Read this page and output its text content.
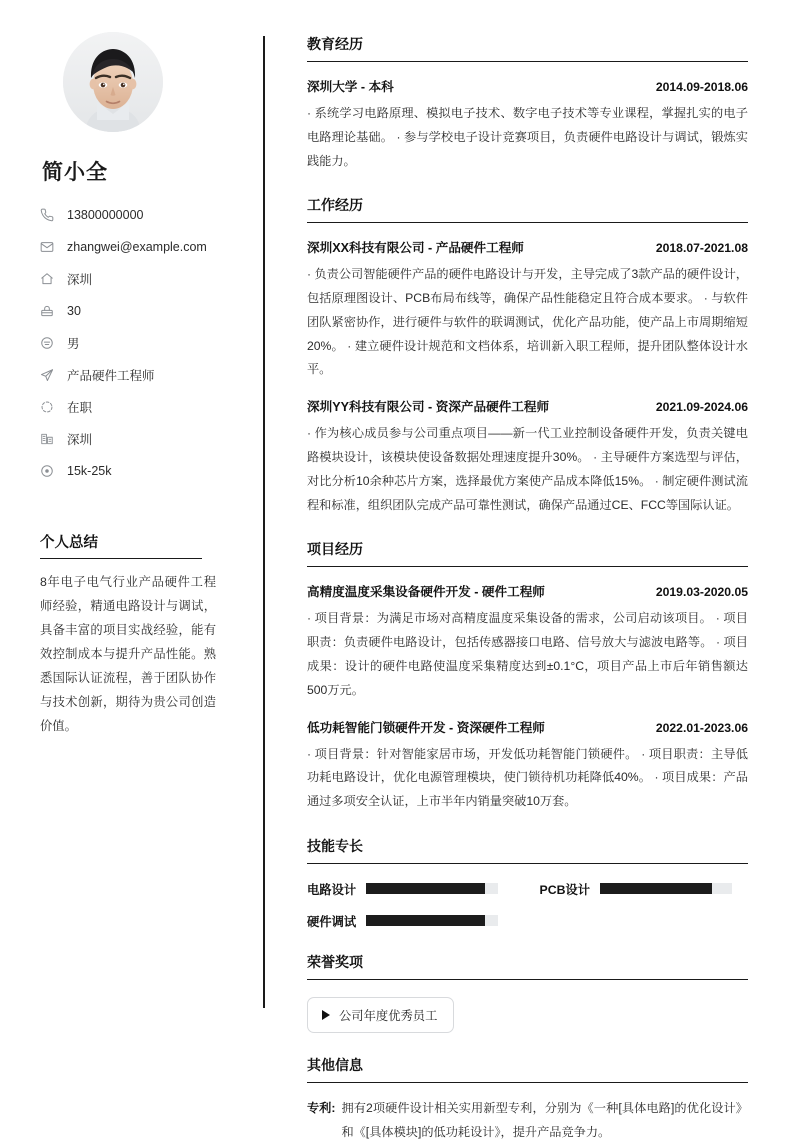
简小全
13800000000
zhangwei@example.com
深圳
30
男
产品硬件工程师
在职
深圳
15k-25k
个人总结

8年电子电气行业产品硬件工程师经验，精通电路设计与调试，具备丰富的项目实战经验，能有效控制成本与提升产品性能。熟悉国际认证流程，善于团队协作与技术创新，期待为贵公司创造价值。

教育经历
深圳大学 - 本科	2014.09-2018.06

· 系统学习电路原理、模拟电子技术、数字电子技术等专业课程，掌握扎实的电子电路理论基础。 · 参与学校电子设计竞赛项目，负责硬件电路设计与调试，锻炼实践能力。

工作经历
深圳XX科技有限公司 - 产品硬件工程师	2018.07-2021.08

· 负责公司智能硬件产品的硬件电路设计与开发，主导完成了3款产品的硬件设计，包括原理图设计、PCB布局布线等，确保产品性能稳定且符合成本要求。 · 与软件团队紧密协作，进行硬件与软件的联调测试，优化产品功能，使产品上市周期缩短20%。 · 建立硬件设计规范和文档体系，培训新入职工程师，提升团队整体设计水平。

深圳YY科技有限公司 - 资深产品硬件工程师	2021.09-2024.06

· 作为核心成员参与公司重点项目——新一代工业控制设备硬件开发，负责关键电路模块设计，该模块使设备数据处理速度提升30%。 · 主导硬件方案选型与评估，对比分析10余种芯片方案，选择最优方案使产品成本降低15%。 · 制定硬件测试流程和标准，组织团队完成产品可靠性测试，确保产品通过CE、FCC等国际认证。

项目经历
高精度温度采集设备硬件开发 - 硬件工程师	2019.03-2020.05

· 项目背景：为满足市场对高精度温度采集设备的需求，公司启动该项目。 · 项目职责：负责硬件电路设计，包括传感器接口电路、信号放大与滤波电路等。 · 项目成果：设计的硬件电路使温度采集精度达到±0.1°C，项目产品上市后年销售额达500万元。

低功耗智能门锁硬件开发 - 资深硬件工程师	2022.01-2023.06

· 项目背景：针对智能家居市场，开发低功耗智能门锁硬件。 · 项目职责：主导低功耗电路设计，优化电源管理模块，使门锁待机功耗降低40%。 · 项目成果：产品通过多项安全认证，上市半年内销量突破10万套。

技能专长
电路设计	PCB设计
硬件调试
荣誉奖项
公司年度优秀员工
其他信息
专利: 拥有2项硬件设计相关实用新型专利，分别为《一种[具体电路]的优化设计》和《[具体模块]的低功耗设计》，提升产品竞争力。
